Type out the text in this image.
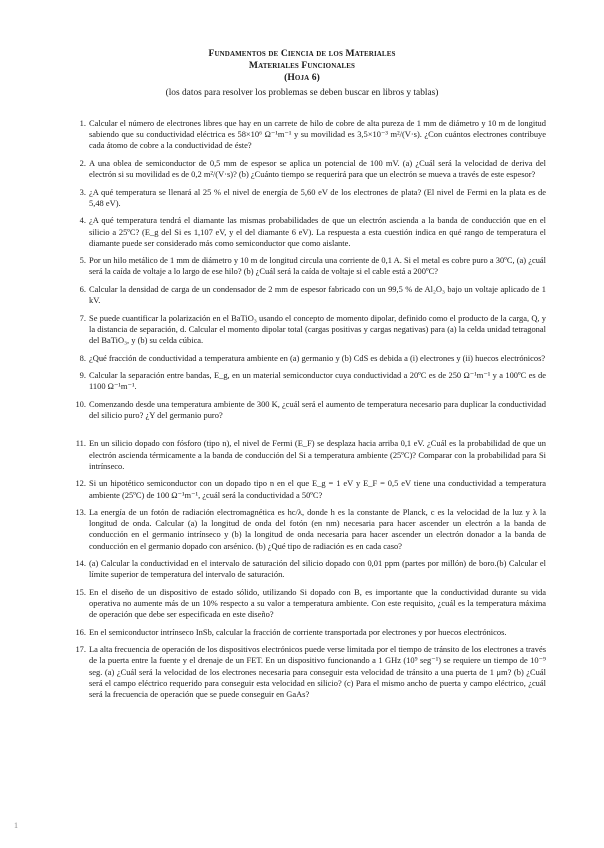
Fundamentos de Ciencia de los Materiales
Materiales Funcionales
(Hoja 6)
(los datos para resolver los problemas se deben buscar en libros y tablas)
1. Calcular el número de electrones libres que hay en un carrete de hilo de cobre de alta pureza de 1 mm de diámetro y 10 m de longitud sabiendo que su conductividad eléctrica es 58×10⁶ Ω⁻¹m⁻¹ y su movilidad es 3,5×10⁻³ m²/(V·s). ¿Con cuántos electrones contribuye cada átomo de cobre a la conductividad de éste?
2. A una oblea de semiconductor de 0,5 mm de espesor se aplica un potencial de 100 mV. (a) ¿Cuál será la velocidad de deriva del electrón si su movilidad es de 0,2 m²/(V·s)? (b) ¿Cuánto tiempo se requerirá para que un electrón se mueva a través de este espesor?
3. ¿A qué temperatura se llenará al 25 % el nivel de energía de 5,60 eV de los electrones de plata? (El nivel de Fermi en la plata es de 5,48 eV).
4. ¿A qué temperatura tendrá el diamante las mismas probabilidades de que un electrón ascienda a la banda de conducción que en el silicio a 25ºC? (E_g del Si es 1,107 eV, y el del diamante 6 eV). La respuesta a esta cuestión indica en qué rango de temperatura el diamante puede ser considerado más como semiconductor que como aislante.
5. Por un hilo metálico de 1 mm de diámetro y 10 m de longitud circula una corriente de 0,1 A. Si el metal es cobre puro a 30ºC, (a) ¿cuál será la caída de voltaje a lo largo de ese hilo? (b) ¿Cuál será la caída de voltaje si el cable está a 200ºC?
6. Calcular la densidad de carga de un condensador de 2 mm de espesor fabricado con un 99,5 % de Al₂O₃ bajo un voltaje aplicado de 1 kV.
7. Se puede cuantificar la polarización en el BaTiO₃ usando el concepto de momento dipolar, definido como el producto de la carga, Q, y la distancia de separación, d. Calcular el momento dipolar total (cargas positivas y cargas negativas) para (a) la celda unidad tetragonal del BaTiO₃, y (b) su celda cúbica.
8. ¿Qué fracción de conductividad a temperatura ambiente en (a) germanio y (b) CdS es debida a (i) electrones y (ii) huecos electrónicos?
9. Calcular la separación entre bandas, E_g, en un material semiconductor cuya conductividad a 20ºC es de 250 Ω⁻¹m⁻¹ y a 100ºC es de 1100 Ω⁻¹m⁻¹.
10. Comenzando desde una temperatura ambiente de 300 K, ¿cuál será el aumento de temperatura necesario para duplicar la conductividad del silicio puro? ¿Y del germanio puro?
11. En un silicio dopado con fósforo (tipo n), el nivel de Fermi (E_F) se desplaza hacia arriba 0,1 eV. ¿Cuál es la probabilidad de que un electrón ascienda térmicamente a la banda de conducción del Si a temperatura ambiente (25ºC)? Comparar con la probabilidad para Si intrínseco.
12. Si un hipotético semiconductor con un dopado tipo n en el que E_g = 1 eV y E_F = 0,5 eV tiene una conductividad a temperatura ambiente (25ºC) de 100 Ω⁻¹m⁻¹, ¿cuál será la conductividad a 50ºC?
13. La energía de un fotón de radiación electromagnética es hc/λ, donde h es la constante de Planck, c es la velocidad de la luz y λ la longitud de onda. Calcular (a) la longitud de onda del fotón (en nm) necesaria para hacer ascender un electrón a la banda de conducción en el germanio intrínseco y (b) la longitud de onda necesaria para hacer ascender un electrón donador a la banda de conducción en el germanio dopado con arsénico. (b) ¿Qué tipo de radiación es en cada caso?
14. (a) Calcular la conductividad en el intervalo de saturación del silicio dopado con 0,01 ppm (partes por millón) de boro.(b) Calcular el límite superior de temperatura del intervalo de saturación.
15. En el diseño de un dispositivo de estado sólido, utilizando Si dopado con B, es importante que la conductividad durante su vida operativa no aumente más de un 10% respecto a su valor a temperatura ambiente. Con este requisito, ¿cuál es la temperatura máxima de operación que debe ser especificada en este diseño?
16. En el semiconductor intrínseco InSb, calcular la fracción de corriente transportada por electrones y por huecos electrónicos.
17. La alta frecuencia de operación de los dispositivos electrónicos puede verse limitada por el tiempo de tránsito de los electrones a través de la puerta entre la fuente y el drenaje de un FET. En un dispositivo funcionando a 1 GHz (10⁹ seg⁻¹) se requiere un tiempo de 10⁻⁹ seg. (a) ¿Cuál será la velocidad de los electrones necesaria para conseguir esta velocidad de tránsito a una puerta de 1 μm? (b) ¿Cuál será el campo eléctrico requerido para conseguir esta velocidad en silicio? (c) Para el mismo ancho de puerta y campo eléctrico, ¿cuál será la frecuencia de operación que se puede conseguir en GaAs?
1
